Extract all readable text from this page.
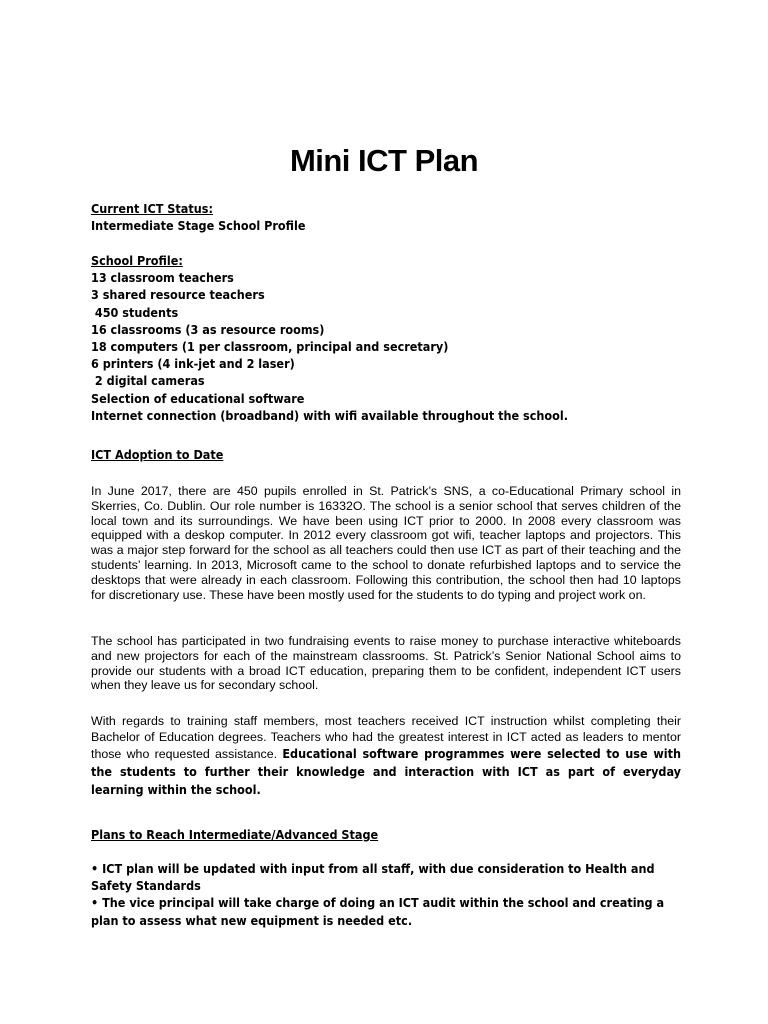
Mini ICT Plan
Current ICT Status:
Intermediate Stage School Profile
School Profile:
13 classroom teachers
3 shared resource teachers
450 students
16 classrooms (3 as resource rooms)
18 computers (1 per classroom, principal and secretary)
6 printers (4 ink-jet and 2 laser)
2 digital cameras
Selection of educational software
Internet connection (broadband) with wifi available throughout the school.
ICT Adoption to Date
In June 2017, there are 450 pupils enrolled in St. Patrick’s SNS, a co-Educational Primary school in Skerries, Co. Dublin. Our role number is 16332O. The school is a senior school that serves children of the local town and its surroundings. We have been using ICT prior to 2000. In 2008 every classroom was equipped with a deskop computer. In 2012 every classroom got wifi, teacher laptops and projectors. This was a major step forward for the school as all teachers could then use ICT as part of their teaching and the students’ learning. In 2013, Microsoft came to the school to donate refurbished laptops and to service the desktops that were already in each classroom. Following this contribution, the school then had 10 laptops for discretionary use. These have been mostly used for the students to do typing and project work on.
The school has participated in two fundraising events to raise money to purchase interactive whiteboards and new projectors for each of the mainstream classrooms. St. Patrick’s Senior National School aims to provide our students with a broad ICT education, preparing them to be confident, independent ICT users when they leave us for secondary school.
With regards to training staff members, most teachers received ICT instruction whilst completing their Bachelor of Education degrees. Teachers who had the greatest interest in ICT acted as leaders to mentor those who requested assistance. Educational software programmes were selected to use with the students to further their knowledge and interaction with ICT as part of everyday learning within the school.
Plans to Reach Intermediate/Advanced Stage
• ICT plan will be updated with input from all staff, with due consideration to Health and Safety Standards
• The vice principal will take charge of doing an ICT audit within the school and creating a plan to assess what new equipment is needed etc.
